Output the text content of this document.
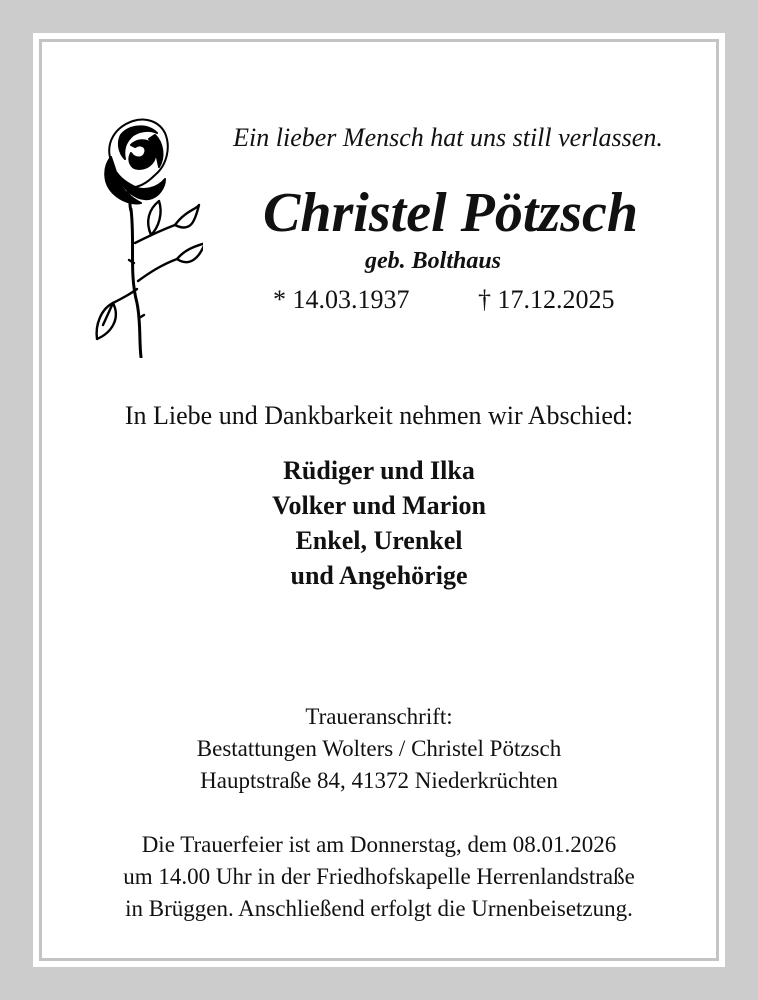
Ein lieber Mensch hat uns still verlassen.
Christel Pötzsch
geb. Bolthaus
* 14.03.1937	† 17.12.2025
In Liebe und Dankbarkeit nehmen wir Abschied:
Rüdiger und Ilka
Volker und Marion
Enkel, Urenkel
und Angehörige
Traueranschrift:
Bestattungen Wolters / Christel Pötzsch
Hauptstraße 84, 41372 Niederkrüchten
Die Trauerfeier ist am Donnerstag, dem 08.01.2026
um 14.00 Uhr in der Friedhofskapelle Herrenlandstraße
in Brüggen. Anschließend erfolgt die Urnenbeisetzung.
